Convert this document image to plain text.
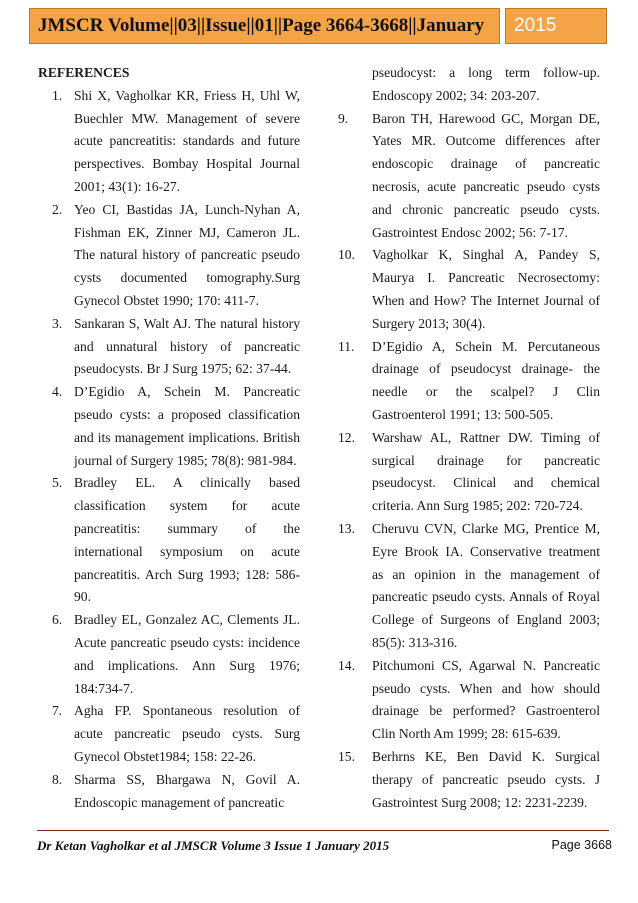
JMSCR Volume||03||Issue||01||Page 3664-3668||January	2015
REFERENCES
1. Shi X, Vagholkar KR, Friess H, Uhl W, Buechler MW. Management of severe acute pancreatitis: standards and future perspectives. Bombay Hospital Journal 2001; 43(1): 16-27.
2. Yeo CI, Bastidas JA, Lunch-Nyhan A, Fishman EK, Zinner MJ, Cameron JL. The natural history of pancreatic pseudo cysts documented tomography.Surg Gynecol Obstet 1990; 170: 411-7.
3. Sankaran S, Walt AJ. The natural history and unnatural history of pancreatic pseudocysts. Br J Surg 1975; 62: 37-44.
4. D’Egidio A, Schein M. Pancreatic pseudo cysts: a proposed classification and its management implications. British journal of Surgery 1985; 78(8): 981-984.
5. Bradley EL. A clinically based classification system for acute pancreatitis: summary of the international symposium on acute pancreatitis. Arch Surg 1993; 128: 586-90.
6. Bradley EL, Gonzalez AC, Clements JL. Acute pancreatic pseudo cysts: incidence and implications. Ann Surg 1976; 184:734-7.
7. Agha FP. Spontaneous resolution of acute pancreatic pseudo cysts. Surg Gynecol Obstet1984; 158: 22-26.
8. Sharma SS, Bhargawa N, Govil A. Endoscopic management of pancreatic
pseudocyst: a long term follow-up. Endoscopy 2002; 34: 203-207.
9.	Baron TH, Harewood GC, Morgan DE, Yates MR. Outcome differences after endoscopic drainage of pancreatic necrosis, acute pancreatic pseudo cysts and chronic pancreatic pseudo cysts. Gastrointest Endosc 2002; 56: 7-17.
10.	Vagholkar K, Singhal A, Pandey S, Maurya I. Pancreatic Necrosectomy: When and How? The Internet Journal of Surgery 2013; 30(4).
11.	D’Egidio A, Schein M. Percutaneous drainage of pseudocyst drainage- the needle or the scalpel? J Clin Gastroenterol 1991; 13: 500-505.
12.	Warshaw AL, Rattner DW. Timing of surgical drainage for pancreatic pseudocyst. Clinical and chemical criteria. Ann Surg 1985; 202: 720-724.
13.	Cheruvu CVN, Clarke MG, Prentice M, Eyre Brook IA. Conservative treatment as an opinion in the management of pancreatic pseudo cysts. Annals of Royal College of Surgeons of England 2003; 85(5): 313-316.
14.	Pitchumoni CS, Agarwal N. Pancreatic pseudo cysts. When and how should drainage be performed? Gastroenterol Clin North Am 1999; 28: 615-639.
15.	Berhrns KE, Ben David K. Surgical therapy of pancreatic pseudo cysts. J Gastrointest Surg 2008; 12: 2231-2239.
Dr Ketan Vagholkar et al JMSCR Volume 3 Issue 1 January 2015	Page 3668
